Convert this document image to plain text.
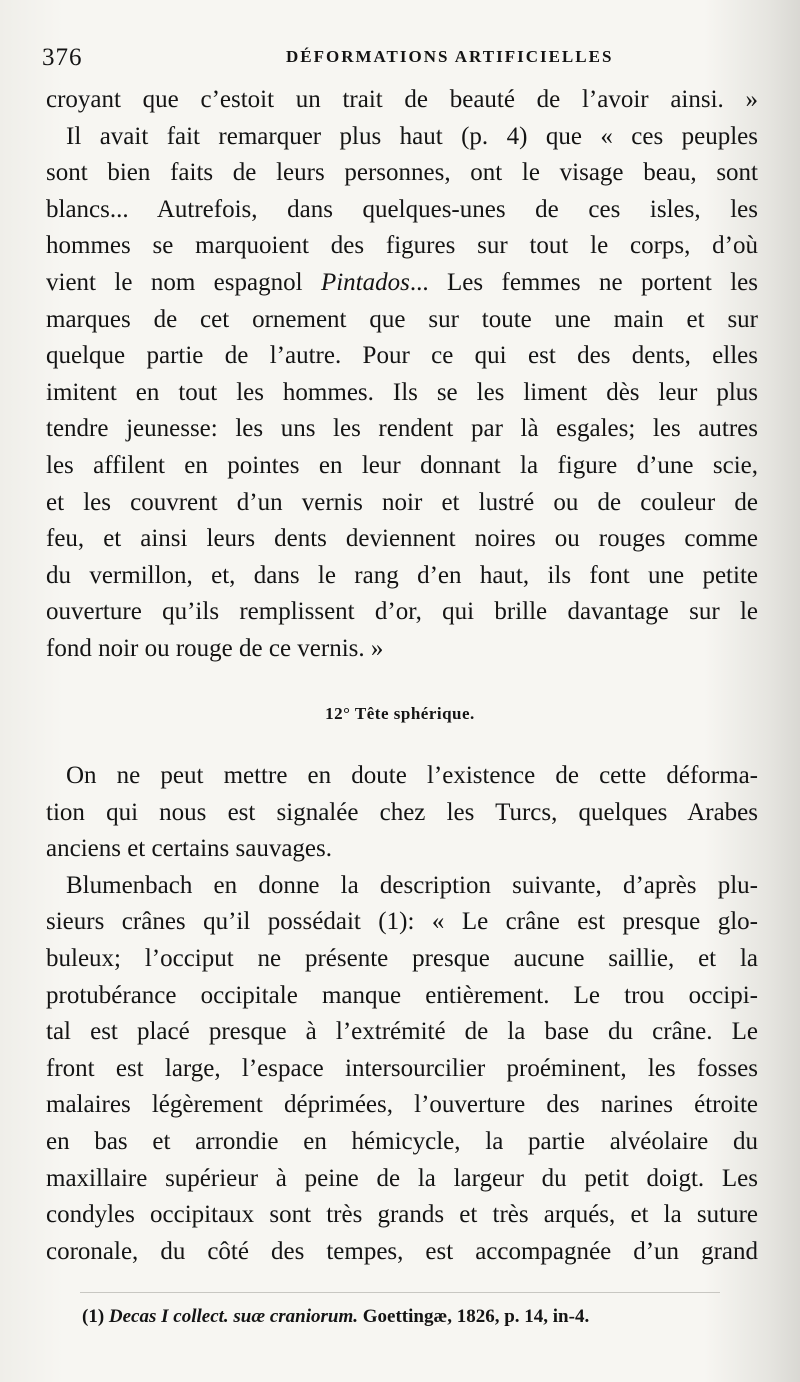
376	DÉFORMATIONS ARTIFICIELLES
croyant que c’estoit un trait de beauté de l’avoir ainsi. »
Il avait fait remarquer plus haut (p. 4) que « ces peuples
sont bien faits de leurs personnes, ont le visage beau, sont
blancs... Autrefois, dans quelques-unes de ces isles, les
hommes se marquoient des figures sur tout le corps, d’où
vient le nom espagnol Pintados... Les femmes ne portent les
marques de cet ornement que sur toute une main et sur
quelque partie de l’autre. Pour ce qui est des dents, elles
imitent en tout les hommes. Ils se les liment dès leur plus
tendre jeunesse: les uns les rendent par là esgales; les autres
les affilent en pointes en leur donnant la figure d’une scie,
et les couvrent d’un vernis noir et lustré ou de couleur de
feu, et ainsi leurs dents deviennent noires ou rouges comme
du vermillon, et, dans le rang d’en haut, ils font une petite
ouverture qu’ils remplissent d’or, qui brille davantage sur le
fond noir ou rouge de ce vernis. »
12° Tête sphérique.
On ne peut mettre en doute l’existence de cette déforma-
tion qui nous est signalée chez les Turcs, quelques Arabes
anciens et certains sauvages.
Blumenbach en donne la description suivante, d’après plu-
sieurs crânes qu’il possédait (1): « Le crâne est presque glo-
buleux; l’occiput ne présente presque aucune saillie, et la
protubérance occipitale manque entièrement. Le trou occipi-
tal est placé presque à l’extrémité de la base du crâne. Le
front est large, l’espace intersourcilier proéminent, les fosses
malaires légèrement déprimées, l’ouverture des narines étroite
en bas et arrondie en hémicycle, la partie alvéolaire du
maxillaire supérieur à peine de la largeur du petit doigt. Les
condyles occipitaux sont très grands et très arqués, et la suture
coronale, du côté des tempes, est accompagnée d’un grand
(1) Decas I collect. suæ craniorum. Goettingæ, 1826, p. 14, in-4.
